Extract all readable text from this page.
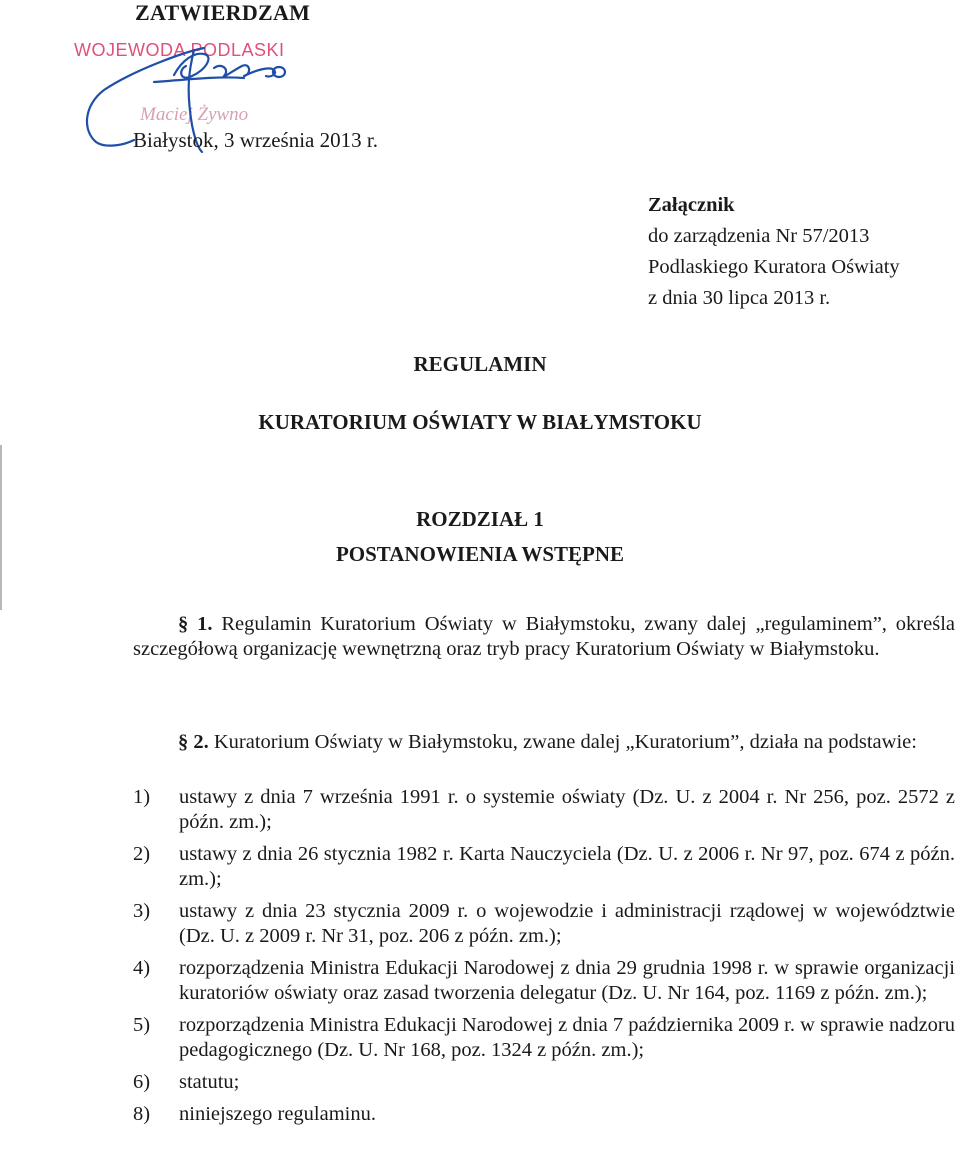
ZATWIERDZAM
WOJEWODA PODLASKI
Maciej Żywno
Białystok, 3 września 2013 r.
Załącznik
do zarządzenia Nr 57/2013
Podlaskiego Kuratora Oświaty
z dnia 30 lipca 2013 r.
REGULAMIN
KURATORIUM OŚWIATY W BIAŁYMSTOKU
ROZDZIAŁ 1
POSTANOWIENIA WSTĘPNE
§ 1. Regulamin Kuratorium Oświaty w Białymstoku, zwany dalej „regulaminem”, określa szczegółową organizację wewnętrzną oraz tryb pracy Kuratorium Oświaty w Białymstoku.
§ 2. Kuratorium Oświaty w Białymstoku, zwane dalej „Kuratorium”, działa na podstawie:
1)	ustawy z dnia 7 września 1991 r. o systemie oświaty (Dz. U. z 2004 r. Nr 256, poz. 2572 z późn. zm.);
2)	ustawy z dnia 26 stycznia 1982 r. Karta Nauczyciela (Dz. U. z 2006 r. Nr 97, poz. 674 z późn. zm.);
3)	ustawy z dnia 23 stycznia 2009 r. o wojewodzie i administracji rządowej w województwie (Dz. U. z 2009 r. Nr 31, poz. 206 z późn. zm.);
4)	rozporządzenia Ministra Edukacji Narodowej z dnia 29 grudnia 1998 r. w sprawie organizacji kuratoriów oświaty oraz zasad tworzenia delegatur (Dz. U. Nr 164, poz. 1169 z późn. zm.);
5)	rozporządzenia Ministra Edukacji Narodowej z dnia 7 października 2009 r. w sprawie nadzoru pedagogicznego (Dz. U. Nr 168, poz. 1324 z późn. zm.);
6)	statutu;
8)	niniejszego regulaminu.
